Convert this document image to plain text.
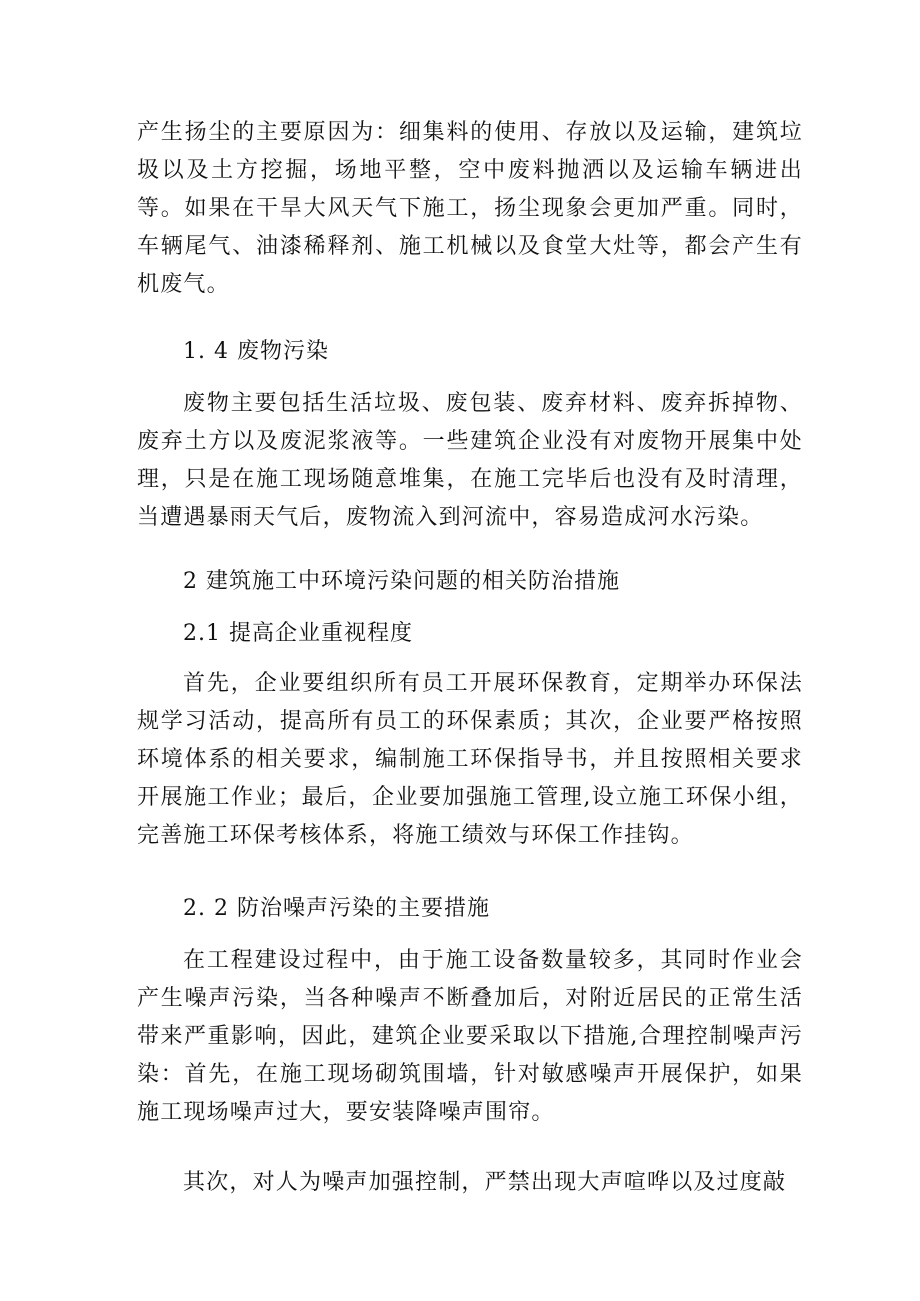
产生扬尘的主要原因为：细集料的使用、存放以及运输，建筑垃圾以及土方挖掘，场地平整，空中废料抛洒以及运输车辆进出等。如果在干旱大风天气下施工，扬尘现象会更加严重。同时，车辆尾气、油漆稀释剂、施工机械以及食堂大灶等，都会产生有机废气。

1. 4 废物污染

废物主要包括生活垃圾、废包装、废弃材料、废弃拆掉物、废弃土方以及废泥浆液等。一些建筑企业没有对废物开展集中处理，只是在施工现场随意堆集，在施工完毕后也没有及时清理，当遭遇暴雨天气后，废物流入到河流中，容易造成河水污染。

2 建筑施工中环境污染问题的相关防治措施

2.1 提高企业重视程度

首先，企业要组织所有员工开展环保教育，定期举办环保法规学习活动，提高所有员工的环保素质；其次，企业要严格按照环境体系的相关要求，编制施工环保指导书，并且按照相关要求开展施工作业；最后，企业要加强施工管理,设立施工环保小组，完善施工环保考核体系，将施工绩效与环保工作挂钩。

2. 2 防治噪声污染的主要措施

在工程建设过程中，由于施工设备数量较多，其同时作业会产生噪声污染，当各种噪声不断叠加后，对附近居民的正常生活带来严重影响，因此，建筑企业要采取以下措施,合理控制噪声污染：首先，在施工现场砌筑围墙，针对敏感噪声开展保护，如果施工现场噪声过大，要安装降噪声围帘。

其次，对人为噪声加强控制，严禁出现大声喧哗以及过度敲
